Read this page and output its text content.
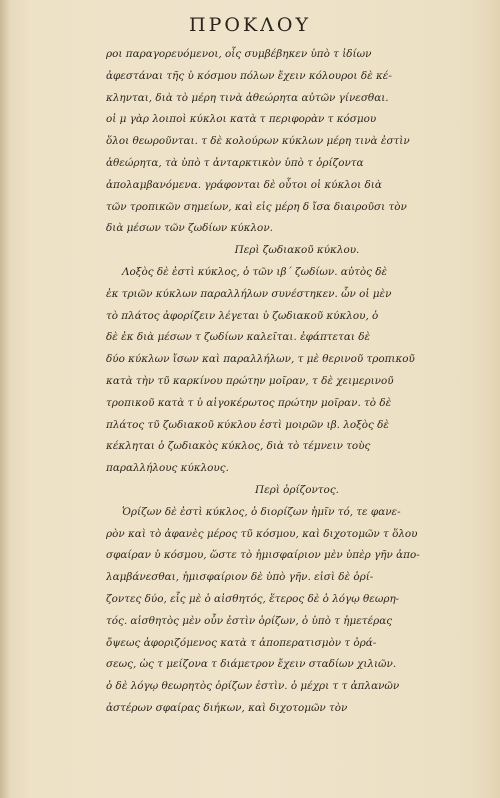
ΠΡΟΚΛΟΥ
ροι παραγορευόμενοι, οἷς συμβέβηκεν ὑπὸ τ ἰδίων
ἀφεστάναι τῆς ὑ κόσμου πόλων ἔχειν κόλουροι δὲ κέ-
κληνται, διὰ τὸ μέρη τινὰ ἀθεώρητα αὐτῶν γίνεσθαι.
οἱ μ γὰρ λοιποὶ κύκλοι κατὰ τ περιφορὰν τ κόσμου
ὅλοι θεωροῦνται. τ δὲ κολούρων κύκλων μέρη τινὰ ἐστὶν
ἀθεώρητα, τὰ ὑπὸ τ ἀνταρκτικὸν ὑπὸ τ ὁρίζοντα
ἀπολαμβανόμενα. γράφονται δὲ οὗτοι οἱ κύκλοι διὰ
τῶν τροπικῶν σημείων, καὶ εἰς μέρη δ ἴσα διαιροῦσι τὸν
διὰ μέσων τῶν ζωδίων κύκλον.
Περὶ ζωδιακοῦ κύκλου.
Λοξὸς δὲ ἐστὶ κύκλος, ὁ τῶν ιβ΄ ζωδίων. αὐτὸς δὲ
ἐκ τριῶν κύκλων παραλλήλων συνέστηκεν. ὧν οἱ μὲν
τὸ πλάτος ἀφορίζειν λέγεται ὑ ζωδιακοῦ κύκλου, ὁ
δὲ ἐκ διὰ μέσων τ ζωδίων καλεῖται. ἐφάπτεται δὲ
δύο κύκλων ἴσων καὶ παραλλήλων, τ μὲ θερινοῦ τροπικοῦ
κατὰ τὴν τῦ καρκίνου πρώτην μοῖραν, τ δὲ χειμερινοῦ
τροπικοῦ κατὰ τ ὑ αἰγοκέρωτος πρώτην μοῖραν. τὸ δὲ
πλάτος τῦ ζωδιακοῦ κύκλου ἐστὶ μοιρῶν ιβ. λοξὸς δὲ
κέκληται ὁ ζωδιακὸς κύκλος, διὰ τὸ τέμνειν τοὺς
παραλλήλους κύκλους.
Περὶ ὁρίζοντος.
Ὁρίζων δὲ ἐστὶ κύκλος, ὁ διορίζων ἡμῖν τό, τε φανε-
ρὸν καὶ τὸ ἀφανὲς μέρος τῦ κόσμου, καὶ διχοτομῶν τ ὅλου
σφαίραν ὑ κόσμου, ὥστε τὸ ἡμισφαίριον μὲν ὑπὲρ γῆν ἀπο-
λαμβάνεσθαι, ἡμισφαίριον δὲ ὑπὸ γῆν. εἰσὶ δὲ ὁρί-
ζοντες δύο, εἷς μὲ ὁ αἰσθητός, ἕτερος δὲ ὁ λόγῳ θεωρη-
τός. αἰσθητὸς μὲν οὖν ἐστὶν ὁρίζων, ὁ ὑπὸ τ ἡμετέρας
ὄψεως ἀφοριζόμενος κατὰ τ ἀποπερατισμὸν τ ὁρά-
σεως, ὡς τ μείζονα τ διάμετρον ἔχειν σταδίων χιλιῶν.
ὁ δὲ λόγῳ θεωρητὸς ὁρίζων ἐστὶν. ὁ μέχρι τ τ ἀπλανῶν
ἀστέρων σφαίρας διήκων, καὶ διχοτομῶν τὸν
